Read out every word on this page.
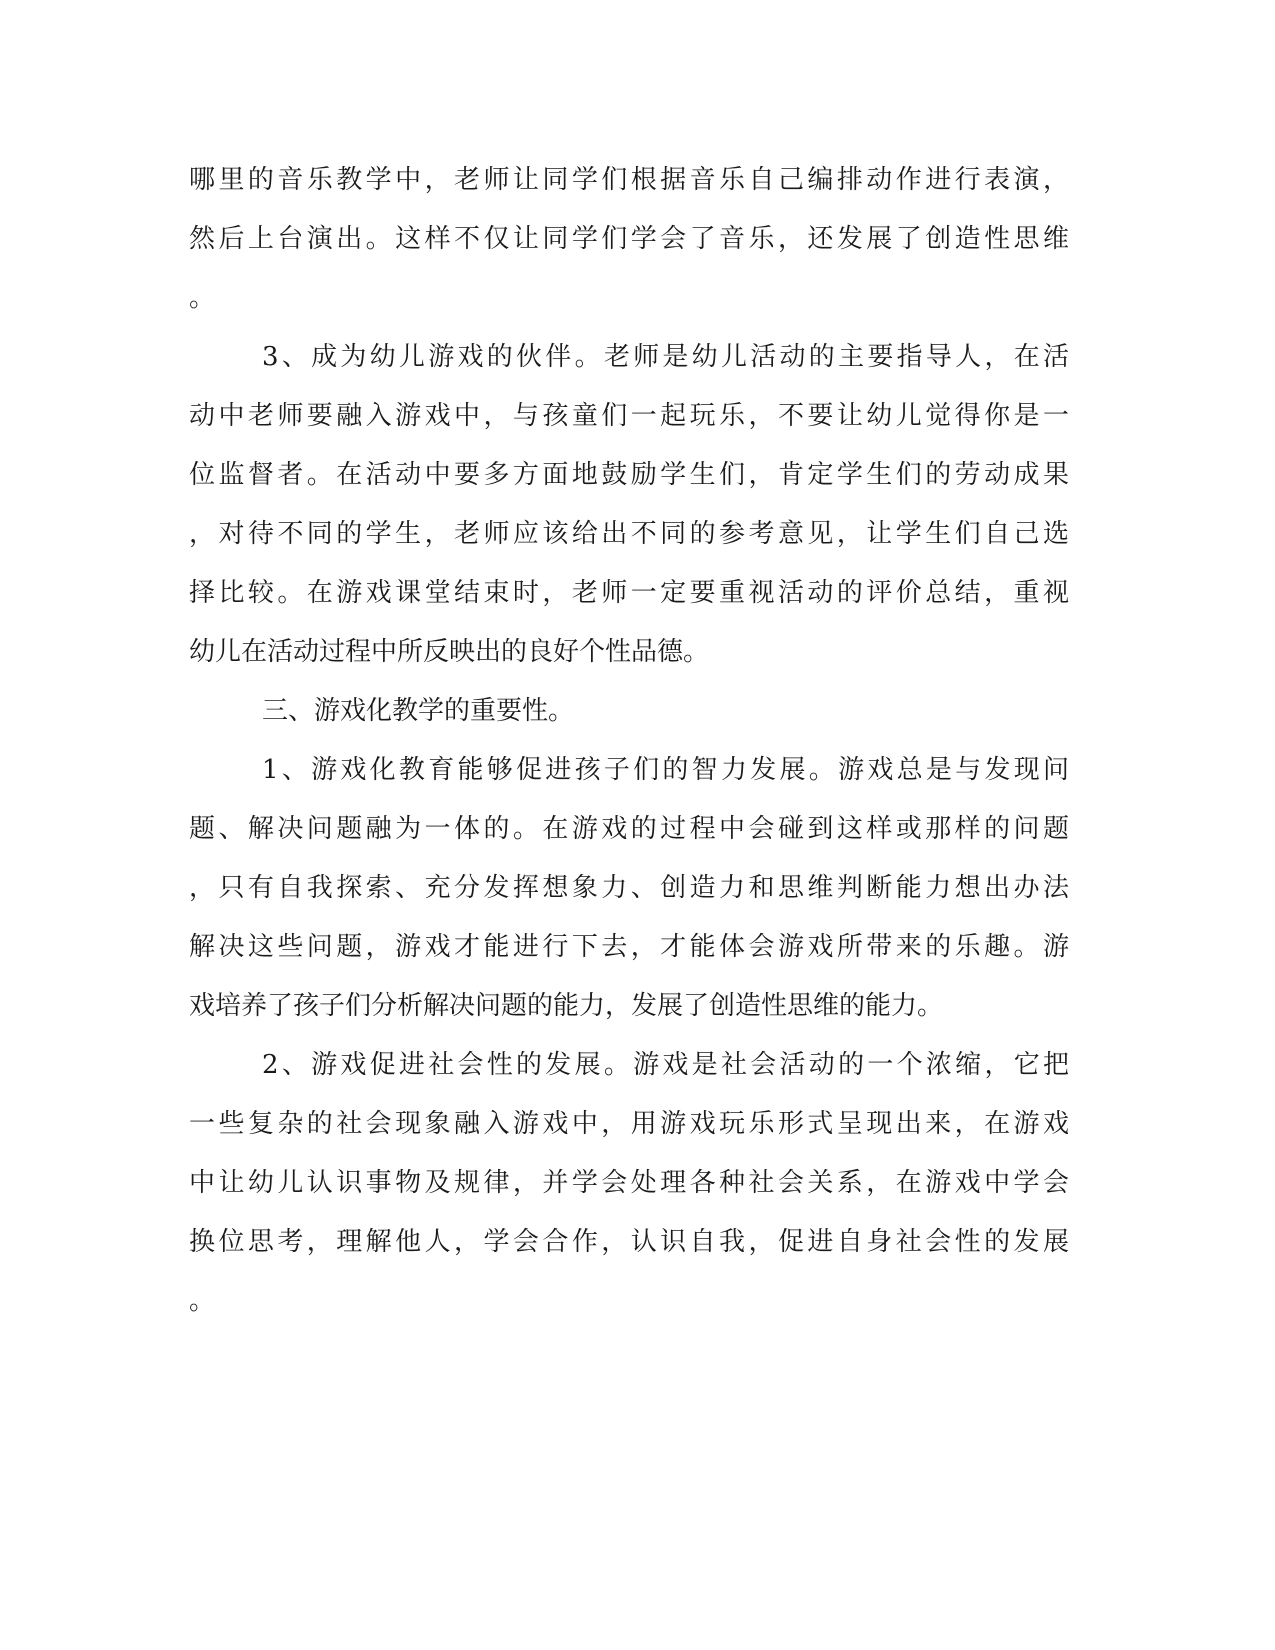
哪里的音乐教学中，老师让同学们根据音乐自己编排动作进行表演，
然后上台演出。这样不仅让同学们学会了音乐，还发展了创造性思维
。
3、成为幼儿游戏的伙伴。老师是幼儿活动的主要指导人，在活
动中老师要融入游戏中，与孩童们一起玩乐，不要让幼儿觉得你是一
位监督者。在活动中要多方面地鼓励学生们，肯定学生们的劳动成果
，对待不同的学生，老师应该给出不同的参考意见，让学生们自己选
择比较。在游戏课堂结束时，老师一定要重视活动的评价总结，重视
幼儿在活动过程中所反映出的良好个性品德。
三、游戏化教学的重要性。
1、游戏化教育能够促进孩子们的智力发展。游戏总是与发现问
题、解决问题融为一体的。在游戏的过程中会碰到这样或那样的问题
，只有自我探索、充分发挥想象力、创造力和思维判断能力想出办法
解决这些问题，游戏才能进行下去，才能体会游戏所带来的乐趣。游
戏培养了孩子们分析解决问题的能力，发展了创造性思维的能力。
2、游戏促进社会性的发展。游戏是社会活动的一个浓缩，它把
一些复杂的社会现象融入游戏中，用游戏玩乐形式呈现出来，在游戏
中让幼儿认识事物及规律，并学会处理各种社会关系，在游戏中学会
换位思考，理解他人，学会合作，认识自我，促进自身社会性的发展
。
